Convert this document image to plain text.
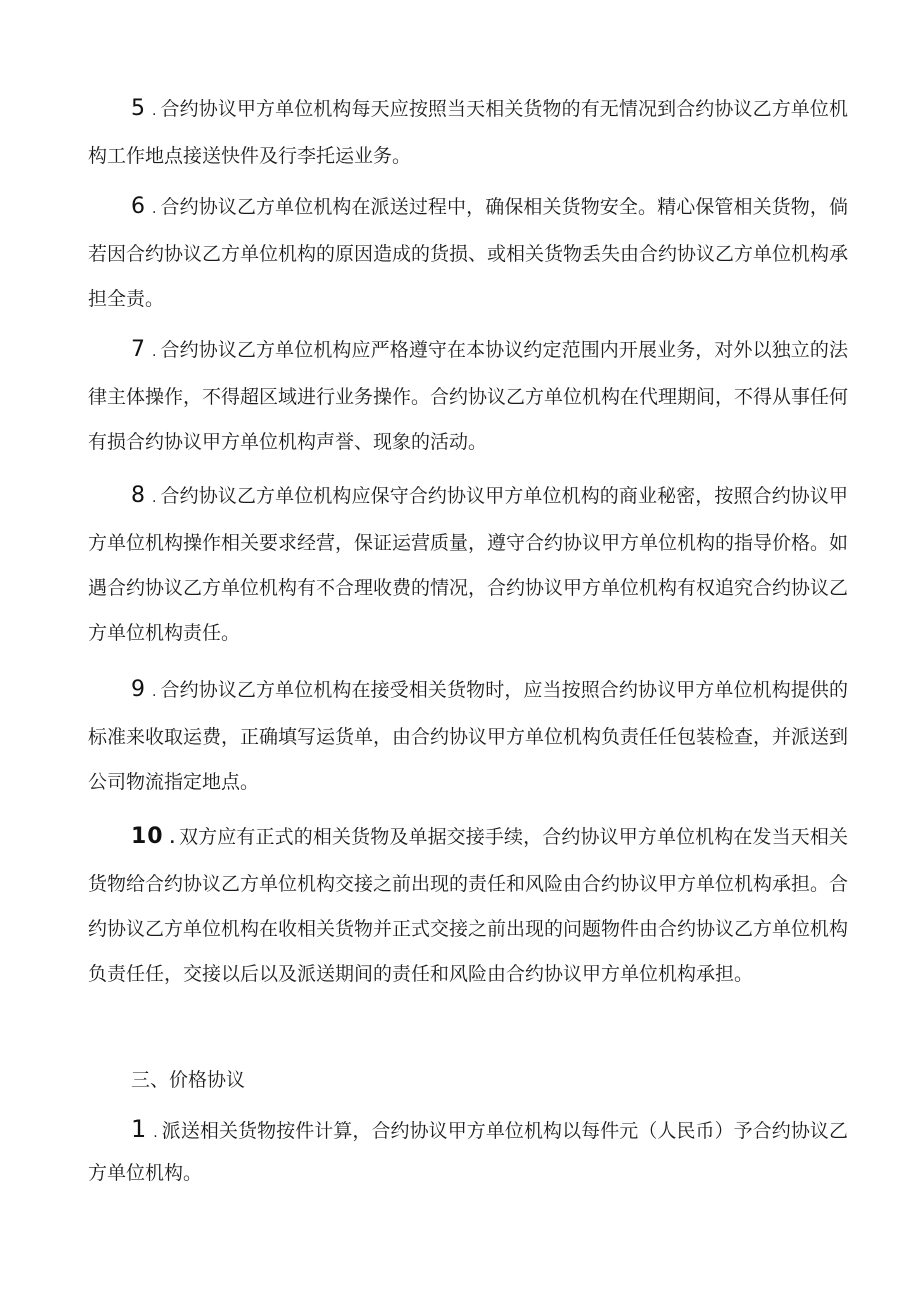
5 . 合约协议甲方单位机构每天应按照当天相关货物的有无情况到合约协议乙方单位机构工作地点接送快件及行李托运业务。

6 . 合约协议乙方单位机构在派送过程中，确保相关货物安全。精心保管相关货物，倘若因合约协议乙方单位机构的原因造成的货损、或相关货物丢失由合约协议乙方单位机构承担全责。

7 . 合约协议乙方单位机构应严格遵守在本协议约定范围内开展业务，对外以独立的法律主体操作，不得超区域进行业务操作。合约协议乙方单位机构在代理期间，不得从事任何有损合约协议甲方单位机构声誉、现象的活动。

8 . 合约协议乙方单位机构应保守合约协议甲方单位机构的商业秘密，按照合约协议甲方单位机构操作相关要求经营，保证运营质量，遵守合约协议甲方单位机构的指导价格。如遇合约协议乙方单位机构有不合理收费的情况，合约协议甲方单位机构有权追究合约协议乙方单位机构责任。

9 . 合约协议乙方单位机构在接受相关货物时，应当按照合约协议甲方单位机构提供的标准来收取运费，正确填写运货单，由合约协议甲方单位机构负责任任包装检查，并派送到公司物流指定地点。

10 . 双方应有正式的相关货物及单据交接手续，合约协议甲方单位机构在发当天相关货物给合约协议乙方单位机构交接之前出现的责任和风险由合约协议甲方单位机构承担。合约协议乙方单位机构在收相关货物并正式交接之前出现的问题物件由合约协议乙方单位机构负责任任，交接以后以及派送期间的责任和风险由合约协议甲方单位机构承担。

三、价格协议

1 . 派送相关货物按件计算，合约协议甲方单位机构以每件元（人民币）予合约协议乙方单位机构。
